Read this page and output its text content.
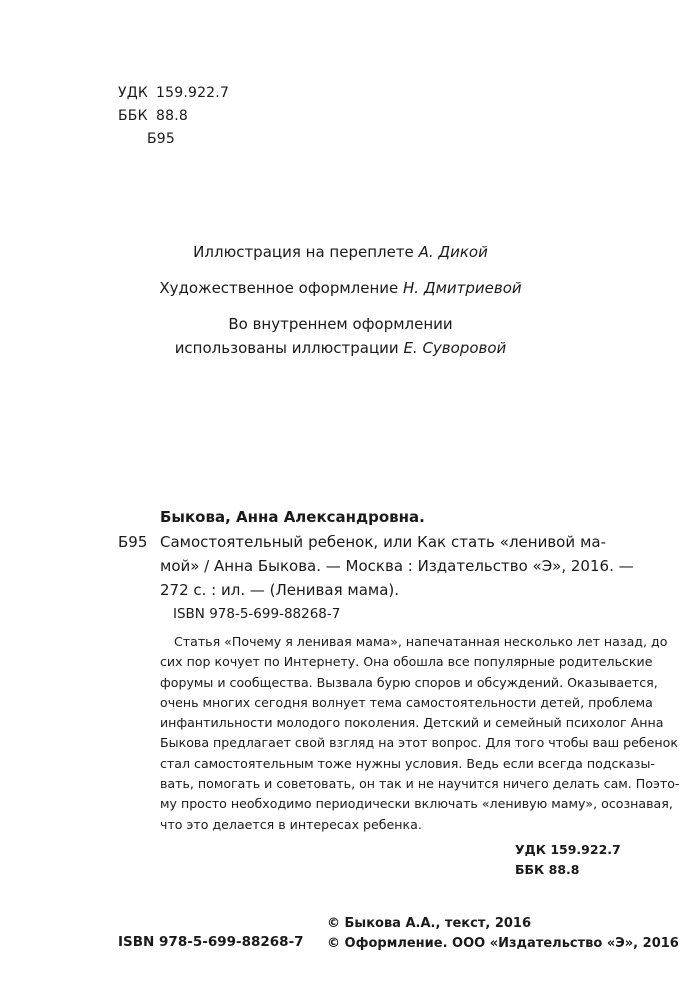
УДК 159.922.7
ББК 88.8
Б95
Иллюстрация на переплете А. Дикой
Художественное оформление Н. Дмитриевой
Во внутреннем оформлении
использованы иллюстрации Е. Суворовой
Быкова, Анна Александровна.
Б95 Самостоятельный ребенок, или Как стать «ленивой ма-
мой» / Анна Быкова. — Москва : Издательство «Э», 2016. —
272 с. : ил. — (Ленивая мама).
ISBN 978-5-699-88268-7
Статья «Почему я ленивая мама», напечатанная несколько лет назад, до
сих пор кочует по Интернету. Она обошла все популярные родительские
форумы и сообщества. Вызвала бурю споров и обсуждений. Оказывается,
очень многих сегодня волнует тема самостоятельности детей, проблема
инфантильности молодого поколения. Детский и семейный психолог Анна
Быкова предлагает свой взгляд на этот вопрос. Для того чтобы ваш ребенок
стал самостоятельным тоже нужны условия. Ведь если всегда подсказы-
вать, помогать и советовать, он так и не научится ничего делать сам. Поэто-
му просто необходимо периодически включать «ленивую маму», осознавая,
что это делается в интересах ребенка.
УДК 159.922.7
ББК 88.8
© Быкова А.А., текст, 2016
© Оформление. ООО «Издательство «Э», 2016
ISBN 978-5-699-88268-7
